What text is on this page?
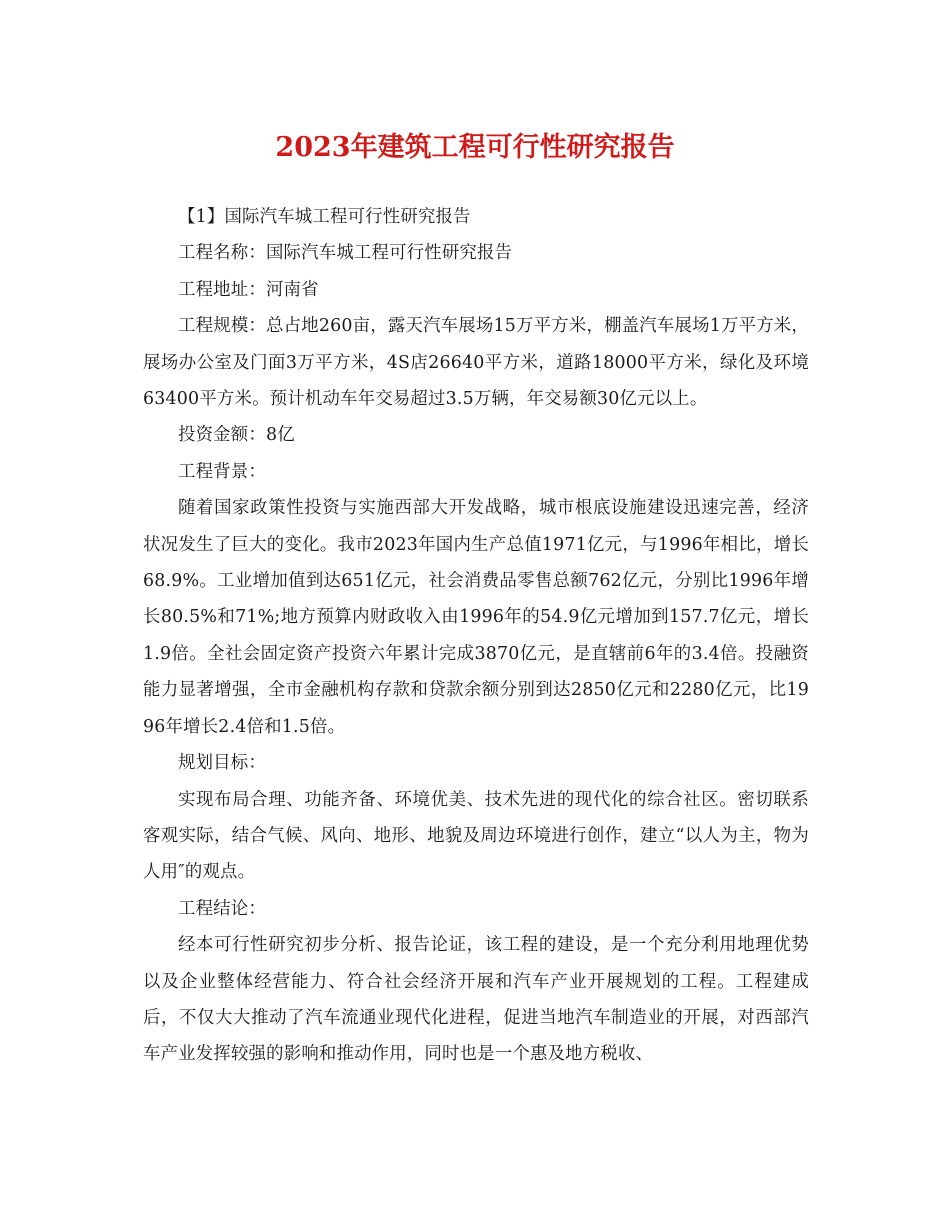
2023年建筑工程可行性研究报告

【1】国际汽车城工程可行性研究报告

工程名称：国际汽车城工程可行性研究报告

工程地址：河南省

工程规模：总占地260亩，露天汽车展场15万平方米，棚盖汽车展场1万平方米，展场办公室及门面3万平方米，4S店26640平方米，道路18000平方米，绿化及环境63400平方米。预计机动车年交易超过3.5万辆，年交易额30亿元以上。

投资金额：8亿

工程背景：

随着国家政策性投资与实施西部大开发战略，城市根底设施建设迅速完善，经济状况发生了巨大的变化。我市2023年国内生产总值1971亿元，与1996年相比，增长68.9%。工业增加值到达651亿元，社会消费品零售总额762亿元，分别比1996年增长80.5%和71%;地方预算内财政收入由1996年的54.9亿元增加到157.7亿元，增长1.9倍。全社会固定资产投资六年累计完成3870亿元，是直辖前6年的3.4倍。投融资能力显著增强，全市金融机构存款和贷款余额分别到达2850亿元和2280亿元，比1996年增长2.4倍和1.5倍。

规划目标：

实现布局合理、功能齐备、环境优美、技术先进的现代化的综合社区。密切联系客观实际，结合气候、风向、地形、地貌及周边环境进行创作，建立“以人为主，物为人用″的观点。

工程结论：

经本可行性研究初步分析、报告论证，该工程的建设，是一个充分利用地理优势以及企业整体经营能力、符合社会经济开展和汽车产业开展规划的工程。工程建成后，不仅大大推动了汽车流通业现代化进程，促进当地汽车制造业的开展，对西部汽车产业发挥较强的影响和推动作用，同时也是一个惠及地方税收、
